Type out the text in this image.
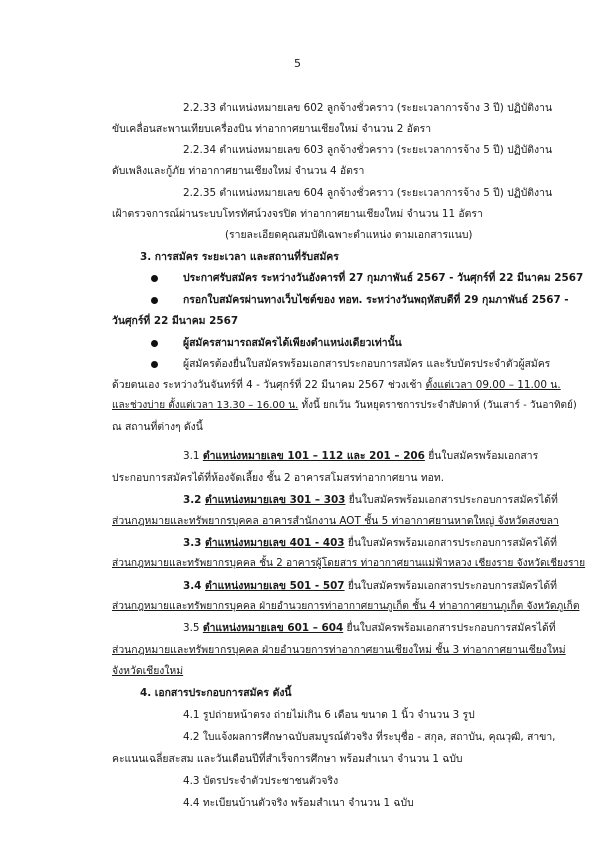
5
2.2.33 ตำแหน่งหมายเลข 602 ลูกจ้างชั่วคราว (ระยะเวลาการจ้าง 3 ปี) ปฏิบัติงาน
ขับเคลื่อนสะพานเทียบเครื่องบิน ท่าอากาศยานเชียงใหม่ จำนวน 2 อัตรา
2.2.34 ตำแหน่งหมายเลข 603 ลูกจ้างชั่วคราว (ระยะเวลาการจ้าง 5 ปี) ปฏิบัติงาน
ดับเพลิงและกู้ภัย ท่าอากาศยานเชียงใหม่ จำนวน 4 อัตรา
2.2.35 ตำแหน่งหมายเลข 604 ลูกจ้างชั่วคราว (ระยะเวลาการจ้าง 5 ปี) ปฏิบัติงาน
เฝ้าตรวจการณ์ผ่านระบบโทรทัศน์วงจรปิด ท่าอากาศยานเชียงใหม่ จำนวน 11 อัตรา
(รายละเอียดคุณสมบัติเฉพาะตำแหน่ง ตามเอกสารแนบ)
3. การสมัคร ระยะเวลา และสถานที่รับสมัคร
ประกาศรับสมัคร ระหว่างวันอังคารที่ 27 กุมภาพันธ์ 2567 - วันศุกร์ที่ 22 มีนาคม 2567
กรอกใบสมัครผ่านทางเว็บไซต์ของ ทอท. ระหว่างวันพฤหัสบดีที่ 29 กุมภาพันธ์ 2567 -
วันศุกร์ที่ 22 มีนาคม 2567
ผู้สมัครสามารถสมัครได้เพียงตำแหน่งเดียวเท่านั้น
ผู้สมัครต้องยื่นใบสมัครพร้อมเอกสารประกอบการสมัคร และรับบัตรประจำตัวผู้สมัคร
ด้วยตนเอง ระหว่างวันจันทร์ที่ 4 - วันศุกร์ที่ 22 มีนาคม 2567 ช่วงเช้า ตั้งแต่เวลา 09.00 – 11.00 น.
และช่วงบ่าย ตั้งแต่เวลา 13.30 – 16.00 น. ทั้งนี้ ยกเว้น วันหยุดราชการประจำสัปดาห์ (วันเสาร์ - วันอาทิตย์)
ณ สถานที่ต่างๆ ดังนี้
3.1 ตำแหน่งหมายเลข 101 – 112 และ 201 – 206 ยื่นใบสมัครพร้อมเอกสาร
ประกอบการสมัครได้ที่ห้องจัดเลี้ยง ชั้น 2 อาคารสโมสรท่าอากาศยาน ทอท.
3.2 ตำแหน่งหมายเลข 301 – 303 ยื่นใบสมัครพร้อมเอกสารประกอบการสมัครได้ที่
ส่วนกฎหมายและทรัพยากรบุคคล อาคารสำนักงาน AOT ชั้น 5 ท่าอากาศยานหาดใหญ่ จังหวัดสงขลา
3.3 ตำแหน่งหมายเลข 401 - 403 ยื่นใบสมัครพร้อมเอกสารประกอบการสมัครได้ที่
ส่วนกฎหมายและทรัพยากรบุคคล ชั้น 2 อาคารผู้โดยสาร ท่าอากาศยานแม่ฟ้าหลวง เชียงราย จังหวัดเชียงราย
3.4 ตำแหน่งหมายเลข 501 - 507 ยื่นใบสมัครพร้อมเอกสารประกอบการสมัครได้ที่
ส่วนกฎหมายและทรัพยากรบุคคล ฝ่ายอำนวยการท่าอากาศยานภูเก็ต ชั้น 4 ท่าอากาศยานภูเก็ต จังหวัดภูเก็ต
3.5 ตำแหน่งหมายเลข 601 – 604 ยื่นใบสมัครพร้อมเอกสารประกอบการสมัครได้ที่
ส่วนกฎหมายและทรัพยากรบุคคล ฝ่ายอำนวยการท่าอากาศยานเชียงใหม่ ชั้น 3 ท่าอากาศยานเชียงใหม่
จังหวัดเชียงใหม่
4. เอกสารประกอบการสมัคร ดังนี้
4.1 รูปถ่ายหน้าตรง ถ่ายไม่เกิน 6 เดือน ขนาด 1 นิ้ว จำนวน 3 รูป
4.2 ใบแจ้งผลการศึกษาฉบับสมบูรณ์ตัวจริง ที่ระบุชื่อ - สกุล, สถาบัน, คุณวุฒิ, สาขา,
คะแนนเฉลี่ยสะสม และวันเดือนปีที่สำเร็จการศึกษา พร้อมสำเนา จำนวน 1 ฉบับ
4.3 บัตรประจำตัวประชาชนตัวจริง
4.4 ทะเบียนบ้านตัวจริง พร้อมสำเนา จำนวน 1 ฉบับ
